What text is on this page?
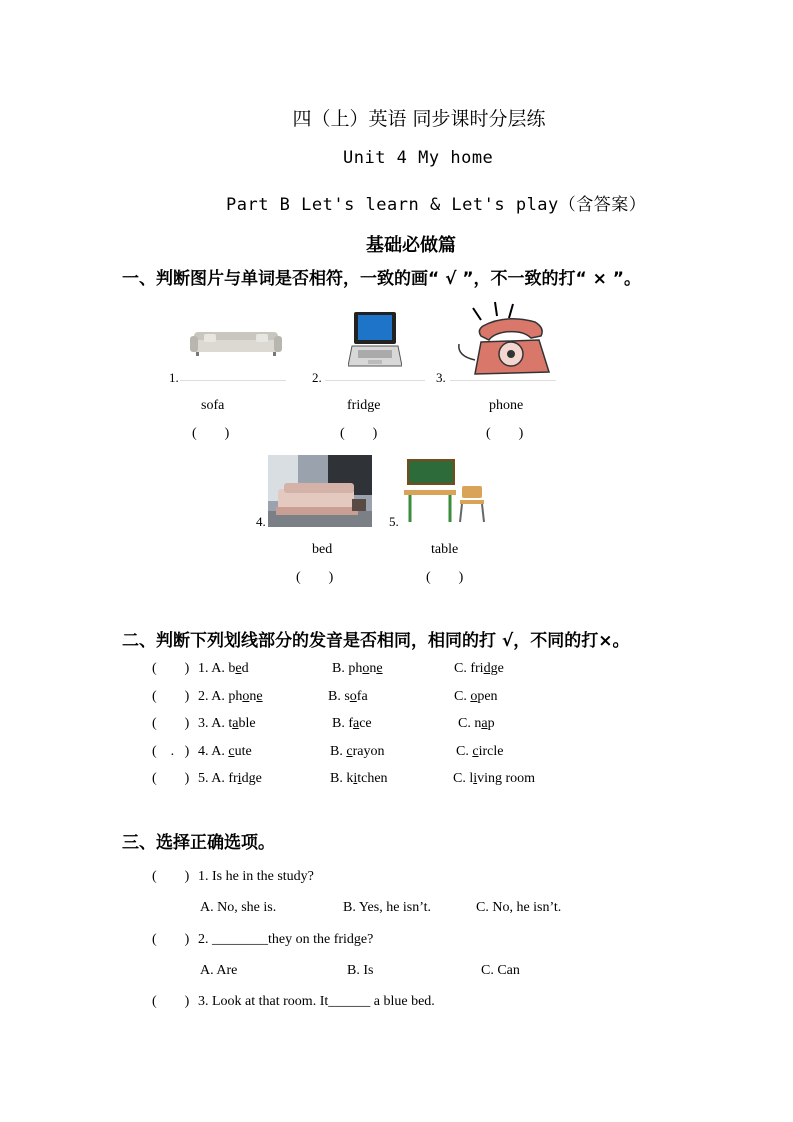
四（上）英语 同步课时分层练
Unit 4 My home
Part B Let's learn & Let's play（含答案）
基础必做篇
一、判断图片与单词是否相符，一致的画“ √ ”，不一致的打“ × ”。
1.
sofa
(        )
2.
fridge
(        )
3.
phone
(        )
4.
bed
(        )
5.
table
(        )
二、判断下列划线部分的发音是否相同，相同的打 √，不同的打×。
(        ) 1. A. bed	B. phone	C. fridge
(        ) 2. A. phone	B. sofa	C. open
(        ) 3. A. table	B. face	C. nap
(    .   ) 4. A. cute	B. crayon	C. circle
(        ) 5. A. fridge	B. kitchen	C. living room
三、选择正确选项。
(        ) 1. Is he in the study?
A. No, she is.	B. Yes, he isn’t.	C. No, he isn’t.
(        ) 2. ________they on the fridge?
A. Are	B. Is	C. Can
(        ) 3. Look at that room. It______ a blue bed.
